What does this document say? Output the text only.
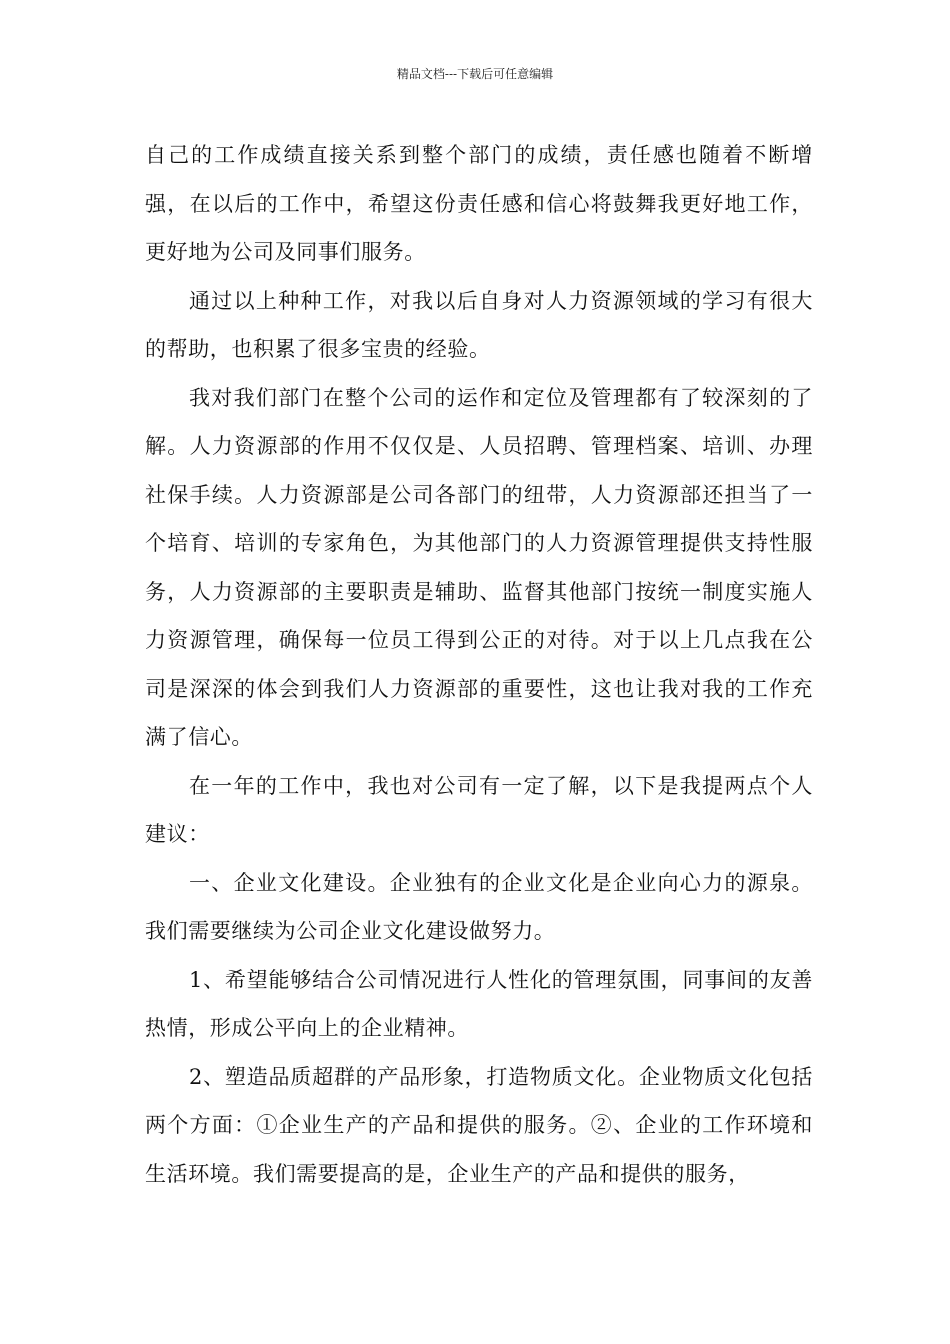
精品文档---下载后可任意编辑

自己的工作成绩直接关系到整个部门的成绩，责任感也随着不断增强，在以后的工作中，希望这份责任感和信心将鼓舞我更好地工作，更好地为公司及同事们服务。

通过以上种种工作，对我以后自身对人力资源领域的学习有很大的帮助，也积累了很多宝贵的经验。

我对我们部门在整个公司的运作和定位及管理都有了较深刻的了解。人力资源部的作用不仅仅是、人员招聘、管理档案、培训、办理社保手续。人力资源部是公司各部门的纽带，人力资源部还担当了一个培育、培训的专家角色，为其他部门的人力资源管理提供支持性服务，人力资源部的主要职责是辅助、监督其他部门按统一制度实施人力资源管理，确保每一位员工得到公正的对待。对于以上几点我在公司是深深的体会到我们人力资源部的重要性，这也让我对我的工作充满了信心。

在一年的工作中，我也对公司有一定了解，以下是我提两点个人建议：

一、企业文化建设。企业独有的企业文化是企业向心力的源泉。我们需要继续为公司企业文化建设做努力。

1、希望能够结合公司情况进行人性化的管理氛围，同事间的友善热情，形成公平向上的企业精神。

2、塑造品质超群的产品形象，打造物质文化。企业物质文化包括两个方面：①企业生产的产品和提供的服务。②、企业的工作环境和生活环境。我们需要提高的是，企业生产的产品和提供的服务，
